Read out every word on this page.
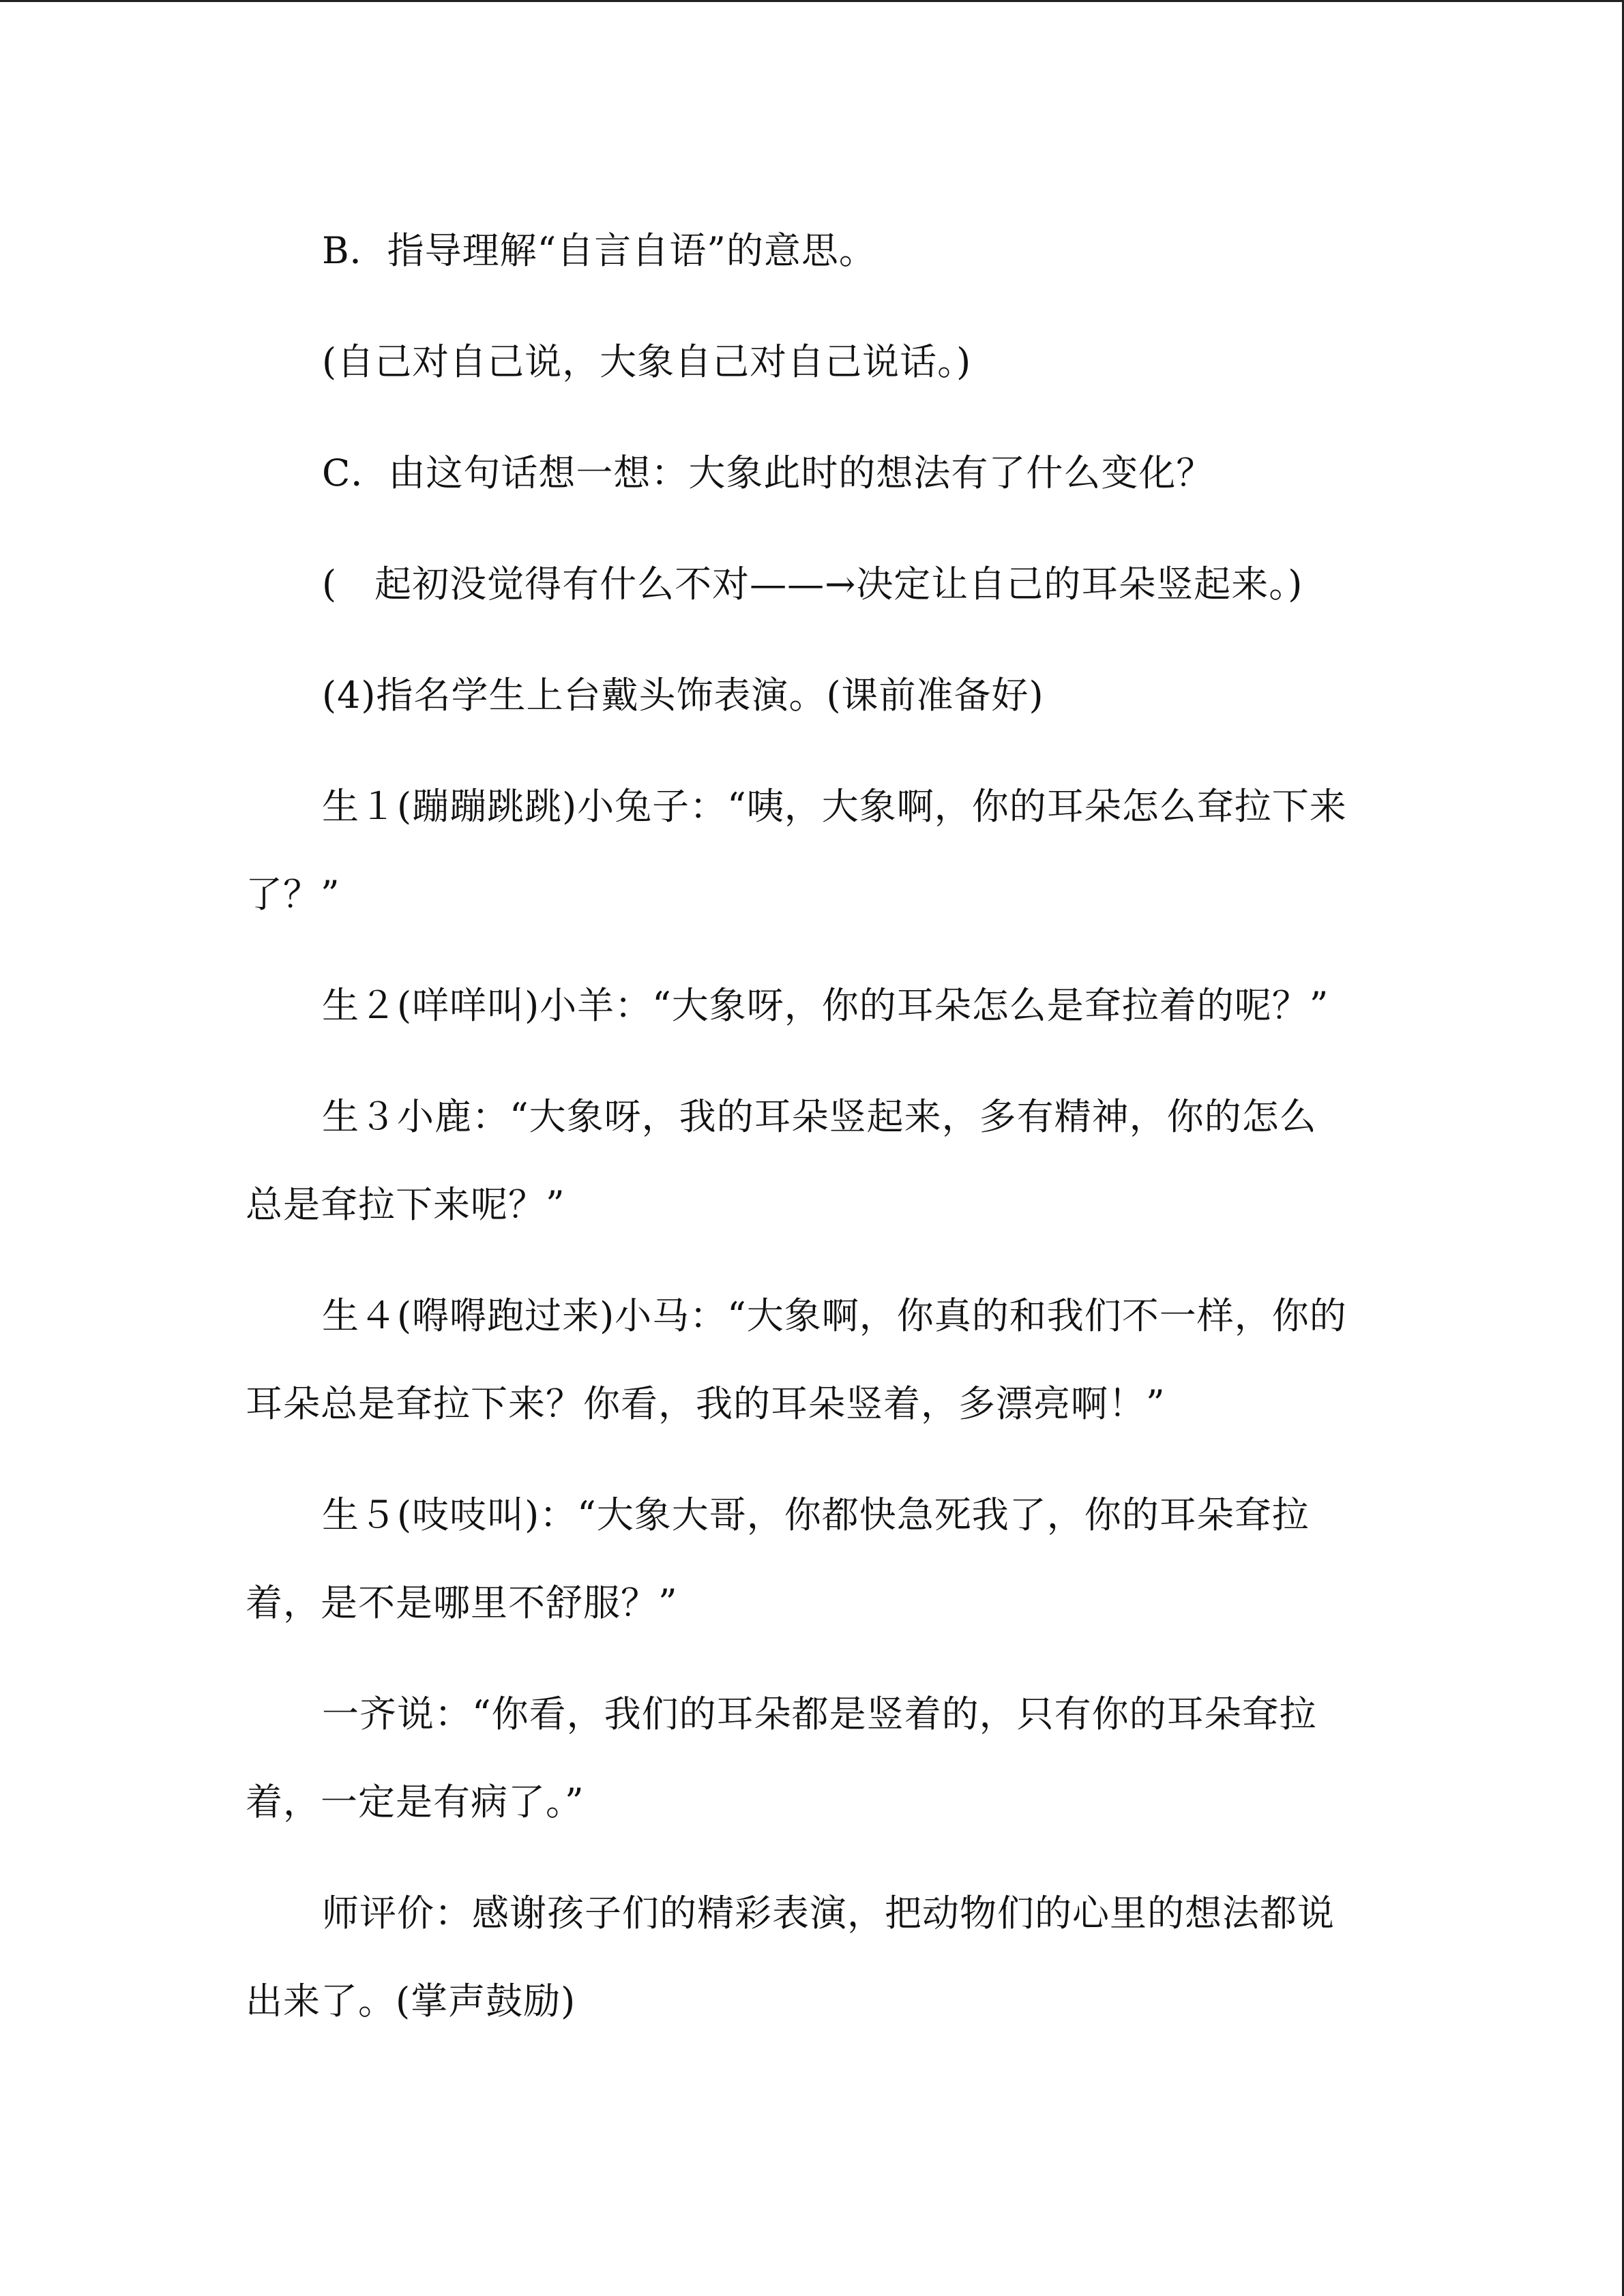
B．指导理解“自言自语”的意思。

(自己对自己说，大象自己对自己说话。)

C．由这句话想一想：大象此时的想法有了什么变化？

(　起初没觉得有什么不对——→决定让自己的耳朵竖起来。)

(4)指名学生上台戴头饰表演。(课前准备好)

生１(蹦蹦跳跳)小兔子：“咦，大象啊，你的耳朵怎么耷拉下来了？”

生２(咩咩叫)小羊：“大象呀，你的耳朵怎么是耷拉着的呢？”

生３小鹿：“大象呀，我的耳朵竖起来，多有精神，你的怎么总是耷拉下来呢？”

生４(嘚嘚跑过来)小马：“大象啊，你真的和我们不一样，你的耳朵总是耷拉下来？你看，我的耳朵竖着，多漂亮啊！”

生５(吱吱叫)：“大象大哥，你都快急死我了，你的耳朵耷拉着，是不是哪里不舒服？”

一齐说：“你看，我们的耳朵都是竖着的，只有你的耳朵耷拉着，一定是有病了。”

师评价：感谢孩子们的精彩表演，把动物们的心里的想法都说出来了。(掌声鼓励)
